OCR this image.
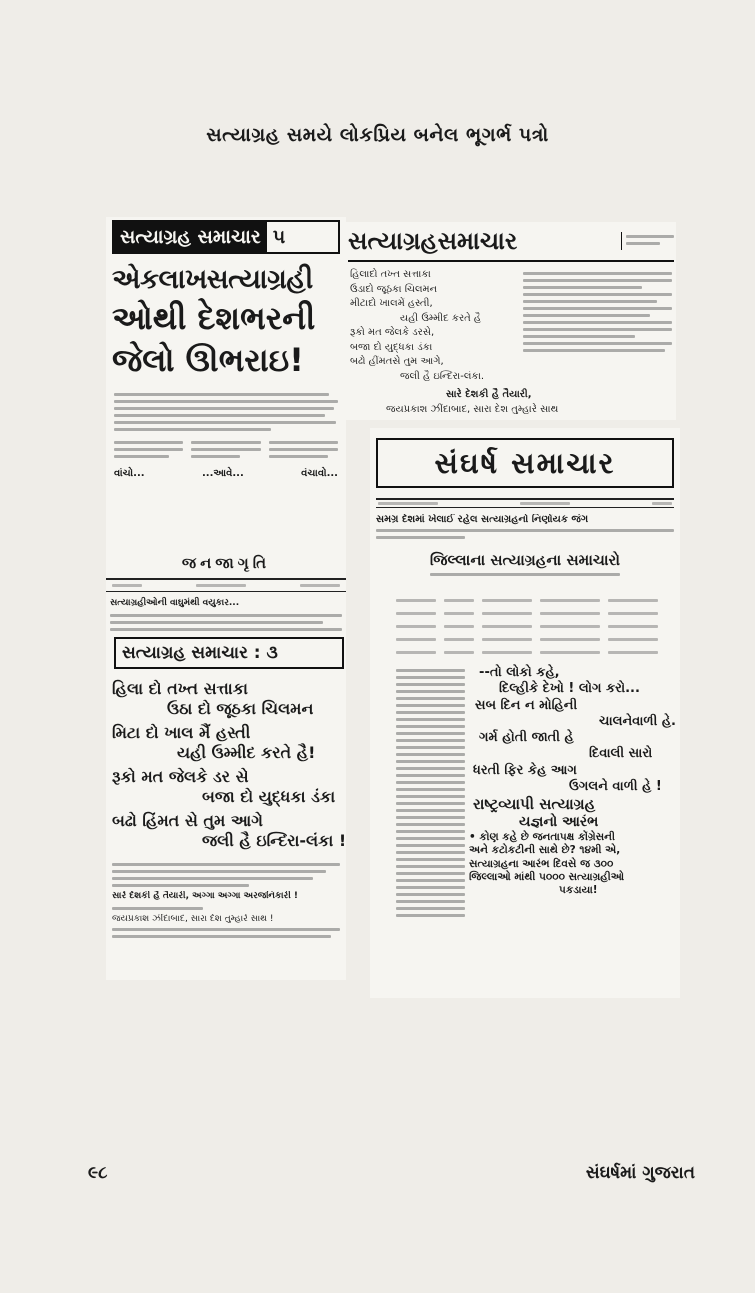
સત્યાગ્રહ સમયે લોકપ્રિય બનેલ ભૂગર્ભ પત્રો
સત્યાગ્રહ સમાચાર ૫
એકલાખસત્યાગ્રહી
ઓથી દેશભરની
જેલો ઊભરાઇ!
વાંચો...	...આવે...	વંચાવો...
સત્યાગ્રહસમાચાર
હિલાદો તખ્ત સત્તાકા
ઉડાદો જૂઠકા ચિલમન
મીટાદો ખાલમેં હસ્તી,
યહી ઉમ્મીદ કરતે હૈ
રૂકો મત જેલકે ડરસે,
બજા દો યુદ્ધકા ડંકા
બઢો હીંમતસે તુમ આગે,
જલી હૈ ઇન્દિરા-લંકા.
સારે દેશકી હૈ તૈયારી,
જયપ્રકાશ ઝીંદાબાદ, સારા દેશ તુમ્હારે સાથ
જનજાગૃતિ
સત્યાગ્રહીઓની વાઘુમંથી વયુકાર...
સત્યાગ્રહ સમાચાર : ૩
હિલા દો તખ્ત સત્તાકા
ઉઠા દો જૂઠકા ચિલમન
મિટા દો ખાલ મૈં હસ્તી
યહી ઉમ્મીદ કરતે હૈ!
રૂકો મત જેલકે ડર સે
બજા દો યુદ્ધકા ડંકા
બઢો હિંમત સે તુમ આગે
જલી હૈ ઇન્દિરા-લંકા !
સારે દેશકી હૈ તૈયારી, અગ્ગા અગ્ગા અરજનિકારી !
જયપ્રકાશ ઝીંદાબાદ, સારા દેશ તુમ્હારે સાથ !
સંઘર્ષ સમાચાર
સમગ્ર દેશમાં ખેલાઈ રહેલ સત્યાગ્રહનો નિર્ણાયક જંગ
જિલ્લાના સત્યાગ્રહના સમાચારો
--તો લોકો કહે,
દિલ્હીકે દેખો ! લોગ કરો...
સબ દિન ન મોહિની
ચાલનેવાળી હે.
ગર્મ હોતી જાતી હે
દિવાલી સારો
ધરતી ફિર કેહ આગ
ઉગલને વાળી હે !
રાષ્ટ્રવ્યાપી સત્યાગ્રહ
યજ્ઞનો આરંભ
• કોણ કહે છે જનતાપક્ષ કોંગ્રેસની
અને કટોકટીની સાથે છે? ૧૪મી એ,
સત્યાગ્રહના આરંભ દિવસે જ ૩૦૦
જિલ્લાઓ માંથી ૫૦૦૦ સત્યાગ્રહીઓ
પકડાયા!
૯૮	સંઘર્ષમાં ગુજરાત
